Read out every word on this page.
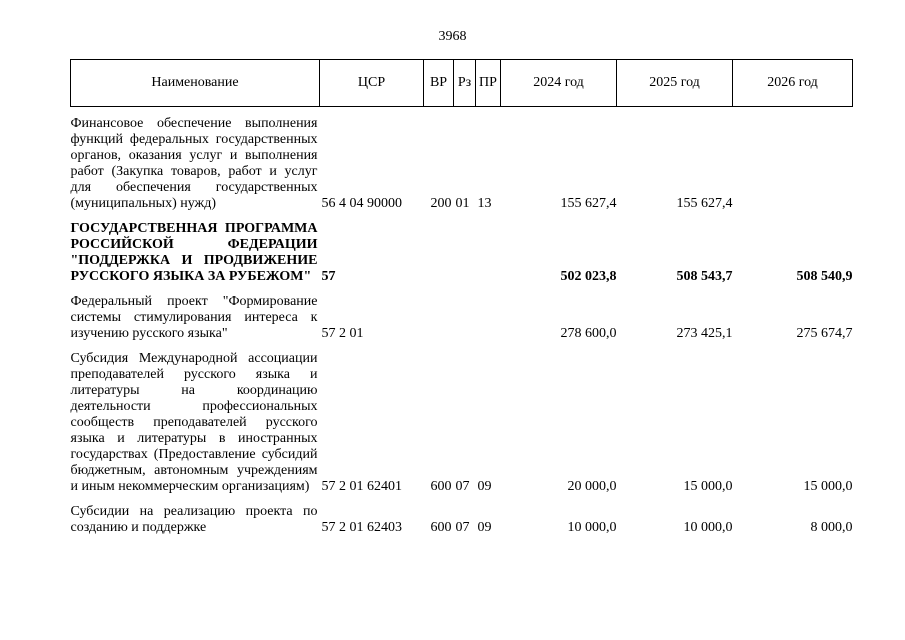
3968
Наименование	ЦСР	ВР	Рз	ПР	2024 год	2025 год	2026 год

Финансовое обеспечение выполнения функций федеральных государственных органов, оказания услуг и выполнения работ (Закупка товаров, работ и услуг для обеспечения государственных (муниципальных) нужд)	56 4 04 90000	200	01	13	155 627,4	155 627,4	

ГОСУДАРСТВЕННАЯ ПРОГРАММА РОССИЙСКОЙ ФЕДЕРАЦИИ "ПОДДЕРЖКА И ПРОДВИЖЕНИЕ РУССКОГО ЯЗЫКА ЗА РУБЕЖОМ"	57				502 023,8	508 543,7	508 540,9

Федеральный проект "Формирование системы стимулирования интереса к изучению русского языка"	57 2 01				278 600,0	273 425,1	275 674,7

Субсидия Международной ассоциации преподавателей русского языка и литературы на координацию деятельности профессиональных сообществ преподавателей русского языка и литературы в иностранных государствах (Предоставление субсидий бюджетным, автономным учреждениям и иным некоммерческим организациям)	57 2 01 62401	600	07	09	20 000,0	15 000,0	15 000,0

Субсидии на реализацию проекта по созданию и поддержке	57 2 01 62403	600	07	09	10 000,0	10 000,0	8 000,0
